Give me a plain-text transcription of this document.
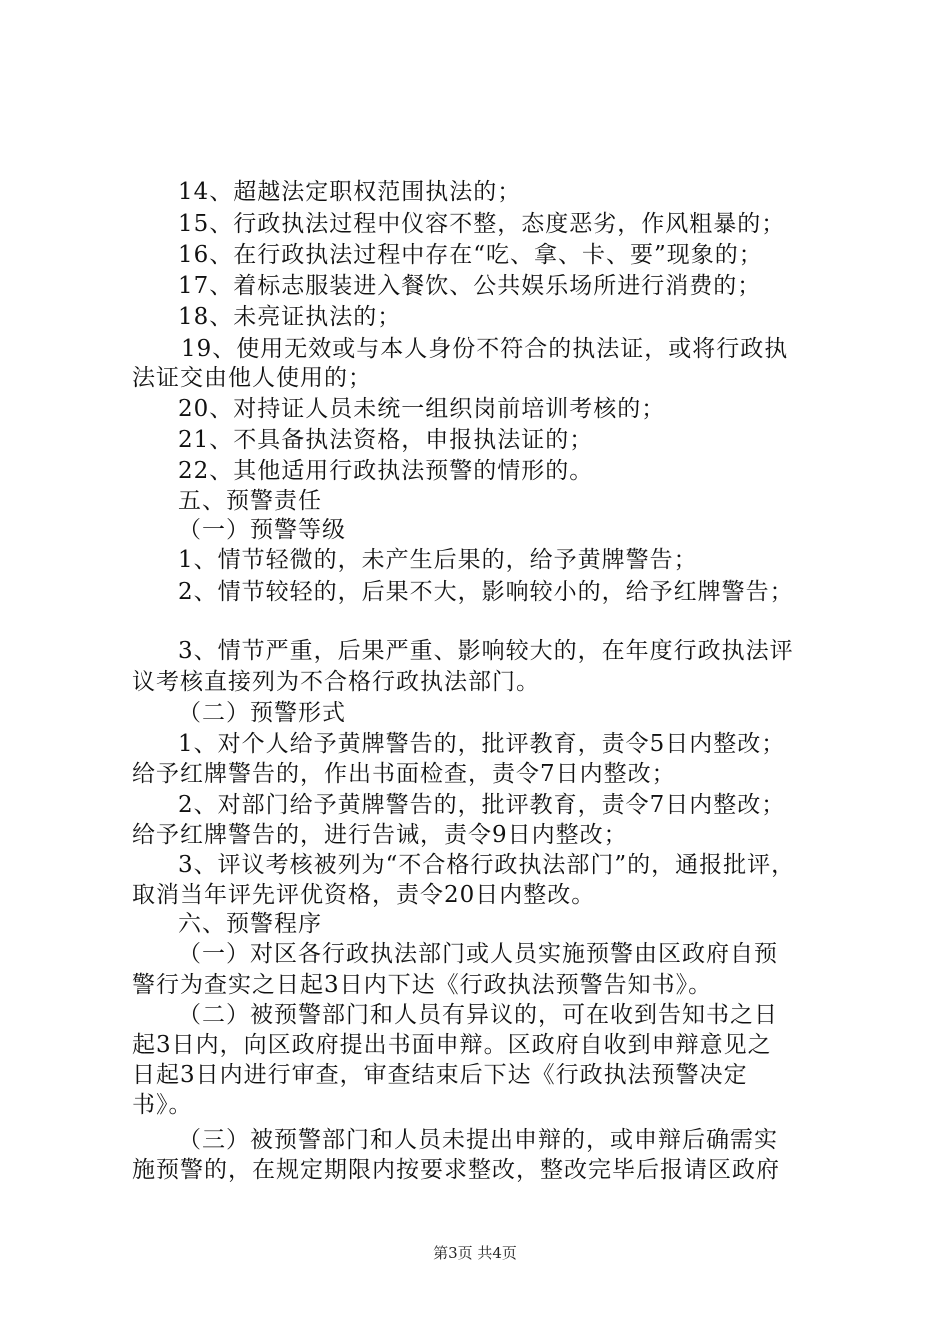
14、超越法定职权范围执法的；
15、行政执法过程中仪容不整，态度恶劣，作风粗暴的；
16、在行政执法过程中存在“吃、拿、卡、要”现象的；
17、着标志服装进入餐饮、公共娱乐场所进行消费的；
18、未亮证执法的；
19、使用无效或与本人身份不符合的执法证，或将行政执
法证交由他人使用的；
20、对持证人员未统一组织岗前培训考核的；
21、不具备执法资格，申报执法证的；
22、其他适用行政执法预警的情形的。
五、预警责任
（一）预警等级
1、情节轻微的，未产生后果的，给予黄牌警告；
2、情节较轻的，后果不大，影响较小的，给予红牌警告；
3、情节严重，后果严重、影响较大的，在年度行政执法评
议考核直接列为不合格行政执法部门。
（二）预警形式
1、对个人给予黄牌警告的，批评教育，责令5日内整改；
给予红牌警告的，作出书面检查，责令7日内整改；
2、对部门给予黄牌警告的，批评教育，责令7日内整改；
给予红牌警告的，进行告诫，责令9日内整改；
3、评议考核被列为“不合格行政执法部门”的，通报批评，
取消当年评先评优资格，责令20日内整改。
六、预警程序
（一）对区各行政执法部门或人员实施预警由区政府自预
警行为查实之日起3日内下达《行政执法预警告知书》。
（二）被预警部门和人员有异议的，可在收到告知书之日
起3日内，向区政府提出书面申辩。区政府自收到申辩意见之
日起3日内进行审查，审查结束后下达《行政执法预警决定
书》。
（三）被预警部门和人员未提出申辩的，或申辩后确需实
施预警的，在规定期限内按要求整改，整改完毕后报请区政府
第3页 共4页
